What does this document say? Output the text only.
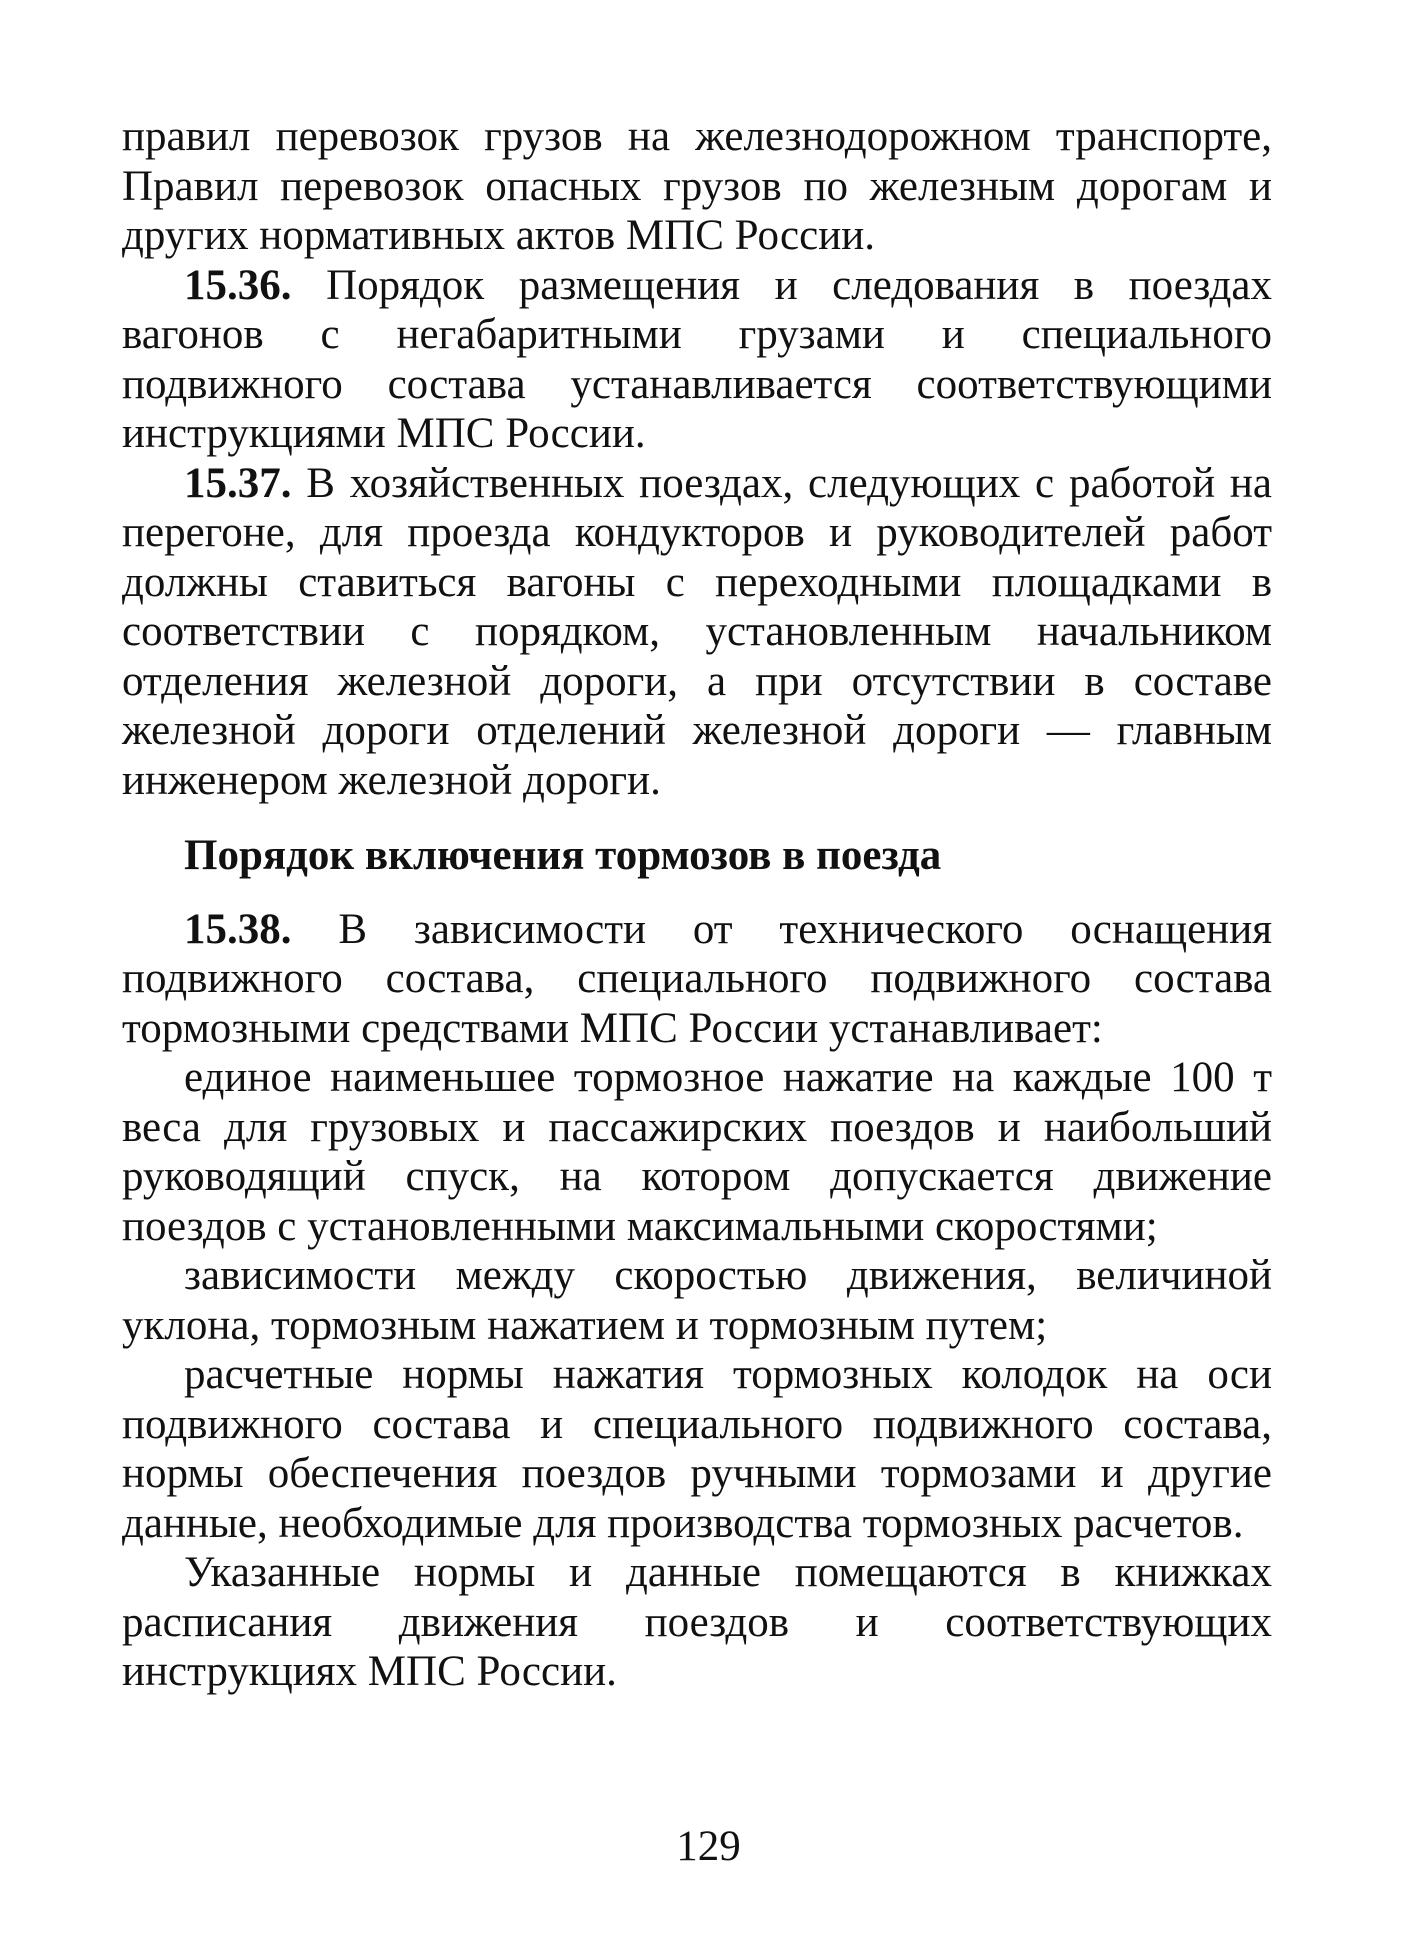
правил перевозок грузов на железнодорожном транспорте, Правил перевозок опасных грузов по железным дорогам и других нормативных актов МПС России.

15.36. Порядок размещения и следования в поездах вагонов с негабаритными грузами и специального подвижного состава устанавливается соответствующими инструкциями МПС России.

15.37. В хозяйственных поездах, следующих с работой на перегоне, для проезда кондукторов и руководителей работ должны ставиться вагоны с переходными площадками в соответствии с порядком, установленным начальником отделения железной дороги, а при отсутствии в составе железной дороги отделений железной дороги — главным инженером железной дороги.

Порядок включения тормозов в поезда

15.38. В зависимости от технического оснащения подвижного состава, специального подвижного состава тормозными средствами МПС России устанавливает:

единое наименьшее тормозное нажатие на каждые 100 т веса для грузовых и пассажирских поездов и наибольший руководящий спуск, на котором допускается движение поездов с установленными максимальными скоростями;

зависимости между скоростью движения, величиной уклона, тормозным нажатием и тормозным путем;

расчетные нормы нажатия тормозных колодок на оси подвижного состава и специального подвижного состава, нормы обеспечения поездов ручными тормозами и другие данные, необходимые для производства тормозных расчетов.

Указанные нормы и данные помещаются в книжках расписания движения поездов и соответствующих инструкциях МПС России.

129
